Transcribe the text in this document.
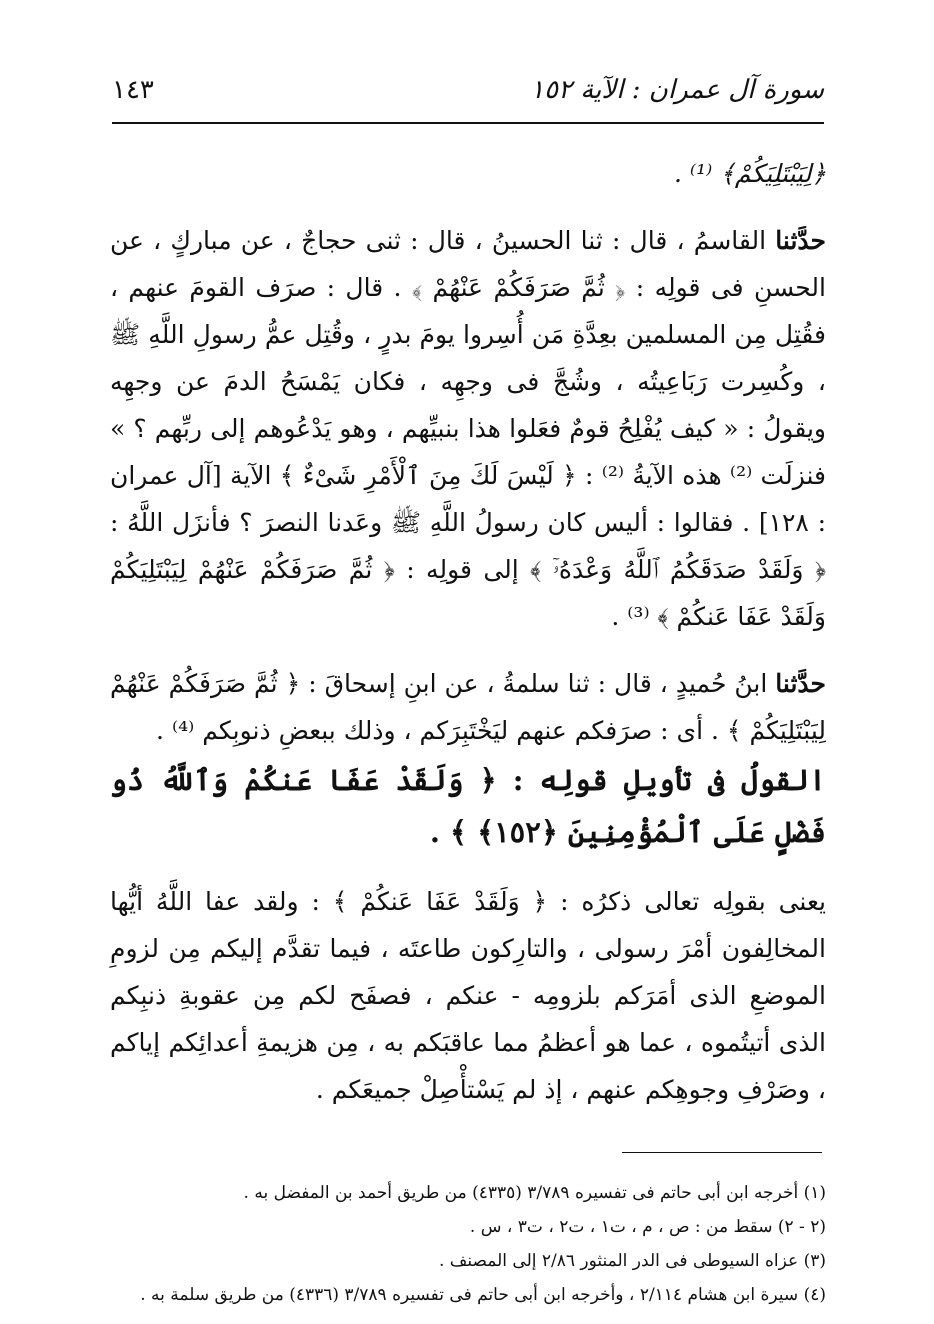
سورة آل عمران : الآية ١٥٢
١٤٣

﴿لِيَبْتَلِيَكُمْ﴾ ⁽¹⁾ .

حدَّثنا القاسمُ ، قال : ثنا الحسينُ ، قال : ثنى حجاجٌ ، عن مباركٍ ، عن الحسنِ فى قولِه : ﴿ ثُمَّ صَرَفَكُمْ عَنْهُمْ ﴾ . قال : صرَف القومَ عنهم ، فقُتِل مِن المسلمين بعِدَّةِ مَن أُسِروا يومَ بدرٍ ، وقُتِل عمُّ رسولِ اللَّهِ ﷺ ، وكُسِرت رَبَاعِيتُه ، وشُجَّ فى وجهِه ، فكان يَمْسَحُ الدمَ عن وجهِه ويقولُ : « كيف يُفْلِحُ قومٌ فعَلوا هذا بنبيِّهم ، وهو يَدْعُوهم إلى ربِّهم ؟ » فنزلَت ⁽²⁾ هذه الآيةُ ⁽²⁾ : ﴿ لَيْسَ لَكَ مِنَ ٱلْأَمْرِ شَىْءٌ ﴾ الآية [آل عمران : ١٢٨] . فقالوا : أليس كان رسولُ اللَّهِ ﷺ وعَدنا النصرَ ؟ فأنزَل اللَّهُ : ﴿ وَلَقَدْ صَدَقَكُمُ ٱللَّهُ وَعْدَهُۥٓ ﴾ إلى قولِه : ﴿ ثُمَّ صَرَفَكُمْ عَنْهُمْ لِيَبْتَلِيَكُمْ وَلَقَدْ عَفَا عَنكُمْ ﴾ ⁽³⁾ .

حدَّثنا ابنُ حُميدٍ ، قال : ثنا سلمةُ ، عن ابنِ إسحاقَ : ﴿ ثُمَّ صَرَفَكُمْ عَنْهُمْ لِيَبْتَلِيَكُمْ ﴾ . أى : صرَفكم عنهم ليَخْتَبِرَكم ، وذلك ببعضِ ذنوبِكم ⁽⁴⁾ .

القولُ فى تأويلِ قولِه : ﴿ وَلَقَدْ عَفَا عَنكُمْ وَٱللَّهُ ذُو فَضْلٍ عَلَى ٱلْمُؤْمِنِينَ ﴿١٥٢﴾ ﴾ .

يعنى بقولِه تعالى ذكرُه : ﴿ وَلَقَدْ عَفَا عَنكُمْ ﴾ : ولقد عفا اللَّهُ أيُّها المخالِفون أمْرَ رسولى ، والتارِكون طاعتَه ، فيما تقدَّم إليكم مِن لزومِ الموضعِ الذى أمَرَكم بلزومِه - عنكم ، فصفَح لكم مِن عقوبةِ ذنبِكم الذى أتيتُموه ، عما هو أعظمُ مما عاقبَكم به ، مِن هزيمةِ أعدائِكم إياكم ، وصَرْفِ وجوهِكم عنهم ، إذ لم يَسْتأْصِلْ جميعَكم .

(١) أخرجه ابن أبى حاتم فى تفسيره ٣/٧٨٩ (٤٣٣٥) من طريق أحمد بن المفضل به .
(٢ - ٢) سقط من : ص ، م ، ت١ ، ت٢ ، ت٣ ، س .
(٣) عزاه السيوطى فى الدر المنثور ٢/٨٦ إلى المصنف .
(٤) سيرة ابن هشام ٢/١١٤ ، وأخرجه ابن أبى حاتم فى تفسيره ٣/٧٨٩ (٤٣٣٦) من طريق سلمة به .
